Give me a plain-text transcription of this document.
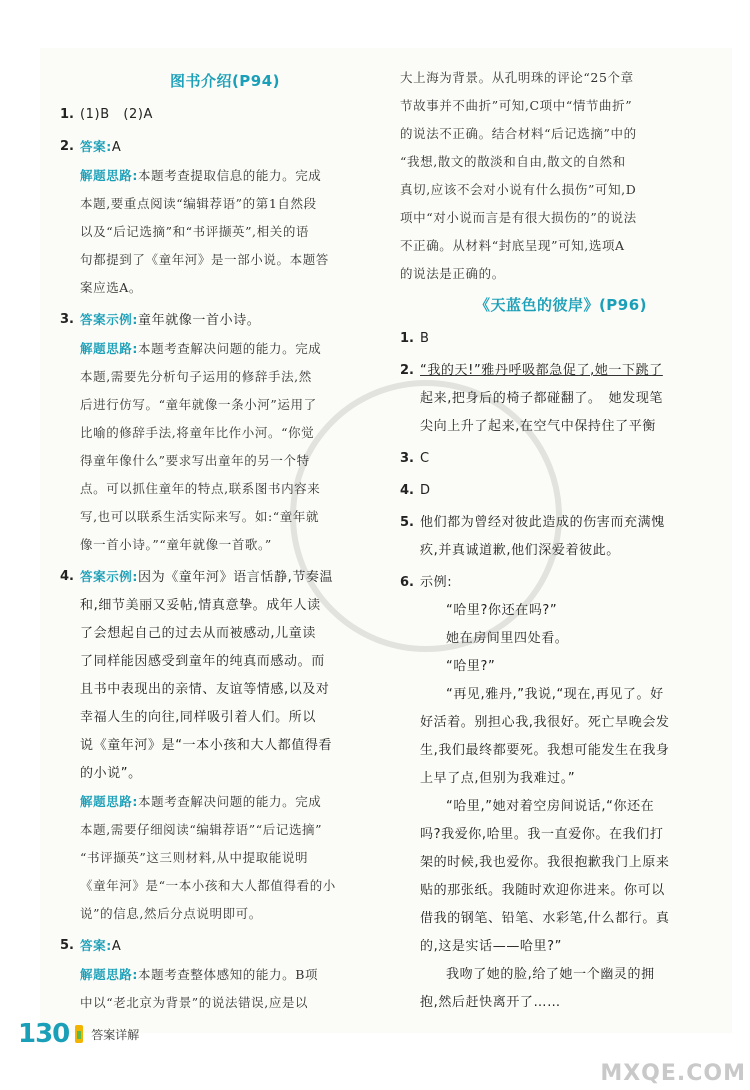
图书介绍(P94)
1. (1)B　(2)A
2. 答案:A
解题思路:本题考查提取信息的能力。完成
本题,要重点阅读“编辑荐语”的第1自然段
以及“后记选摘”和“书评撷英”,相关的语
句都提到了《童年河》是一部小说。本题答
案应选A。
3. 答案示例:童年就像一首小诗。
解题思路:本题考查解决问题的能力。完成
本题,需要先分析句子运用的修辞手法,然
后进行仿写。“童年就像一条小河”运用了
比喻的修辞手法,将童年比作小河。“你觉
得童年像什么”要求写出童年的另一个特
点。可以抓住童年的特点,联系图书内容来
写,也可以联系生活实际来写。如:“童年就
像一首小诗。”“童年就像一首歌。”
4. 答案示例:因为《童年河》语言恬静,节奏温
和,细节美丽又妥帖,情真意挚。成年人读
了会想起自己的过去从而被感动,儿童读
了同样能因感受到童年的纯真而感动。而
且书中表现出的亲情、友谊等情感,以及对
幸福人生的向往,同样吸引着人们。所以
说《童年河》是“一本小孩和大人都值得看
的小说”。
解题思路:本题考查解决问题的能力。完成
本题,需要仔细阅读“编辑荐语”“后记选摘”
“书评撷英”这三则材料,从中提取能说明
《童年河》是“一本小孩和大人都值得看的小
说”的信息,然后分点说明即可。
5. 答案:A
解题思路:本题考查整体感知的能力。B项
中以“老北京为背景”的说法错误,应是以
大上海为背景。从孔明珠的评论“25个章
节故事并不曲折”可知,C项中“情节曲折”
的说法不正确。结合材料“后记选摘”中的
“我想,散文的散淡和自由,散文的自然和
真切,应该不会对小说有什么损伤”可知,D
项中“对小说而言是有很大损伤的”的说法
不正确。从材料“封底呈现”可知,选项A
的说法是正确的。
《天蓝色的彼岸》(P96)
1. B
2. “我的天!”雅丹呼吸都急促了,她一下跳了
起来,把身后的椅子都碰翻了。　她发现笔
尖向上升了起来,在空气中保持住了平衡
3. C
4. D
5. 他们都为曾经对彼此造成的伤害而充满愧
疚,并真诚道歉,他们深爱着彼此。
6. 示例:
“哈里?你还在吗?”
她在房间里四处看。
“哈里?”
“再见,雅丹,”我说,“现在,再见了。好
好活着。别担心我,我很好。死亡早晚会发
生,我们最终都要死。我想可能发生在我身
上早了点,但别为我难过。”
“哈里,”她对着空房间说话,“你还在
吗?我爱你,哈里。我一直爱你。在我们打
架的时候,我也爱你。我很抱歉我门上原来
贴的那张纸。我随时欢迎你进来。你可以
借我的钢笔、铅笔、水彩笔,什么都行。真
的,这是实话——哈里?”
我吻了她的脸,给了她一个幽灵的拥
抱,然后赶快离开了……
130 答案详解
MXQE.COM
